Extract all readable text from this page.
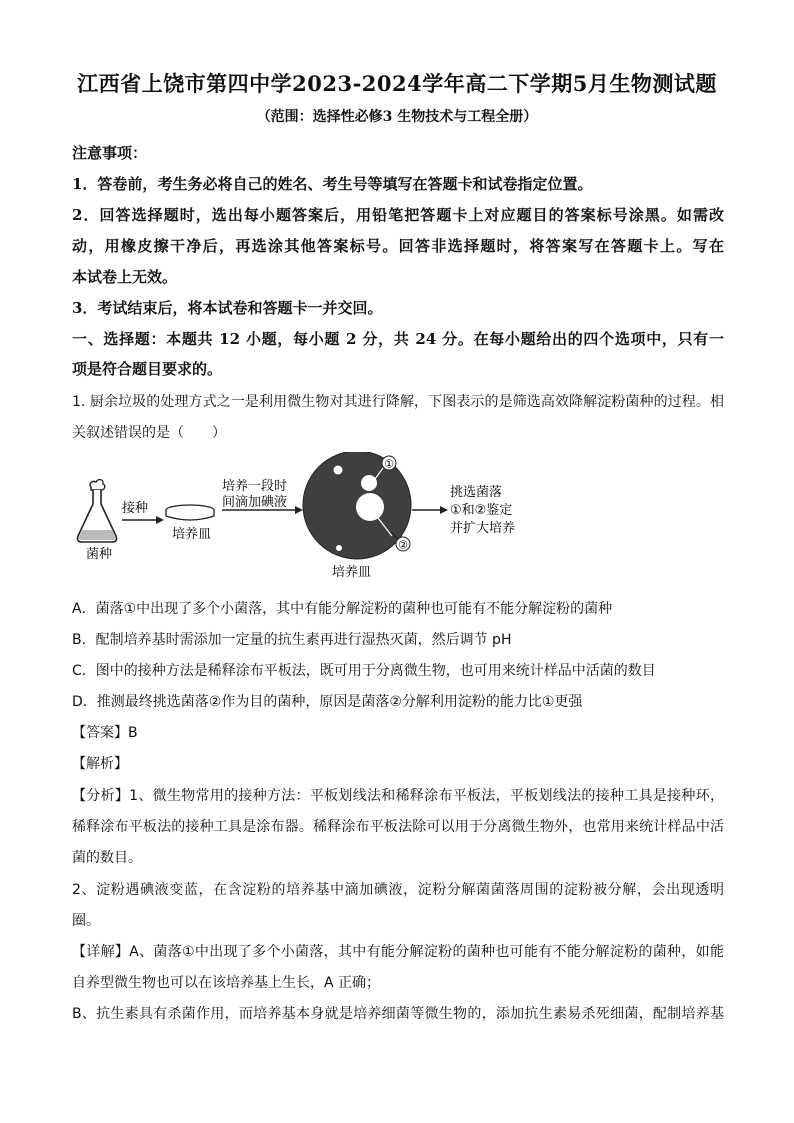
江西省上饶市第四中学2023-2024学年高二下学期5月生物测试题
（范围：选择性必修3 生物技术与工程全册）
注意事项：
1．答卷前，考生务必将自己的姓名、考生号等填写在答题卡和试卷指定位置。
2．回答选择题时，选出每小题答案后，用铅笔把答题卡上对应题目的答案标号涂黑。如需改
动，用橡皮擦干净后，再选涂其他答案标号。回答非选择题时，将答案写在答题卡上。写在
本试卷上无效。
3．考试结束后，将本试卷和答题卡一并交回。
一、选择题：本题共 12 小题，每小题 2 分，共 24 分。在每小题给出的四个选项中，只有一
项是符合题目要求的。
1. 厨余垃圾的处理方式之一是利用微生物对其进行降解，下图表示的是筛选高效降解淀粉菌种的过程。相
关叙述错误的是（　　）
菌种
接种
培养皿
培养一段时
间滴加碘液
①
②
培养皿
挑选菌落
①和②鉴定
并扩大培养
A．菌落①中出现了多个小菌落，其中有能分解淀粉的菌种也可能有不能分解淀粉的菌种
B．配制培养基时需添加一定量的抗生素再进行湿热灭菌，然后调节 pH
C．图中的接种方法是稀释涂布平板法，既可用于分离微生物，也可用来统计样品中活菌的数目
D．推测最终挑选菌落②作为目的菌种，原因是菌落②分解利用淀粉的能力比①更强
【答案】B
【解析】
【分析】1、微生物常用的接种方法：平板划线法和稀释涂布平板法，平板划线法的接种工具是接种环，
稀释涂布平板法的接种工具是涂布器。稀释涂布平板法除可以用于分离微生物外，也常用来统计样品中活
菌的数目。
2、淀粉遇碘液变蓝，在含淀粉的培养基中滴加碘液，淀粉分解菌菌落周围的淀粉被分解，会出现透明
圈。
【详解】A、菌落①中出现了多个小菌落，其中有能分解淀粉的菌种也可能有不能分解淀粉的菌种，如能
自养型微生物也可以在该培养基上生长，A 正确；
B、抗生素具有杀菌作用，而培养基本身就是培养细菌等微生物的，添加抗生素易杀死细菌，配制培养基
